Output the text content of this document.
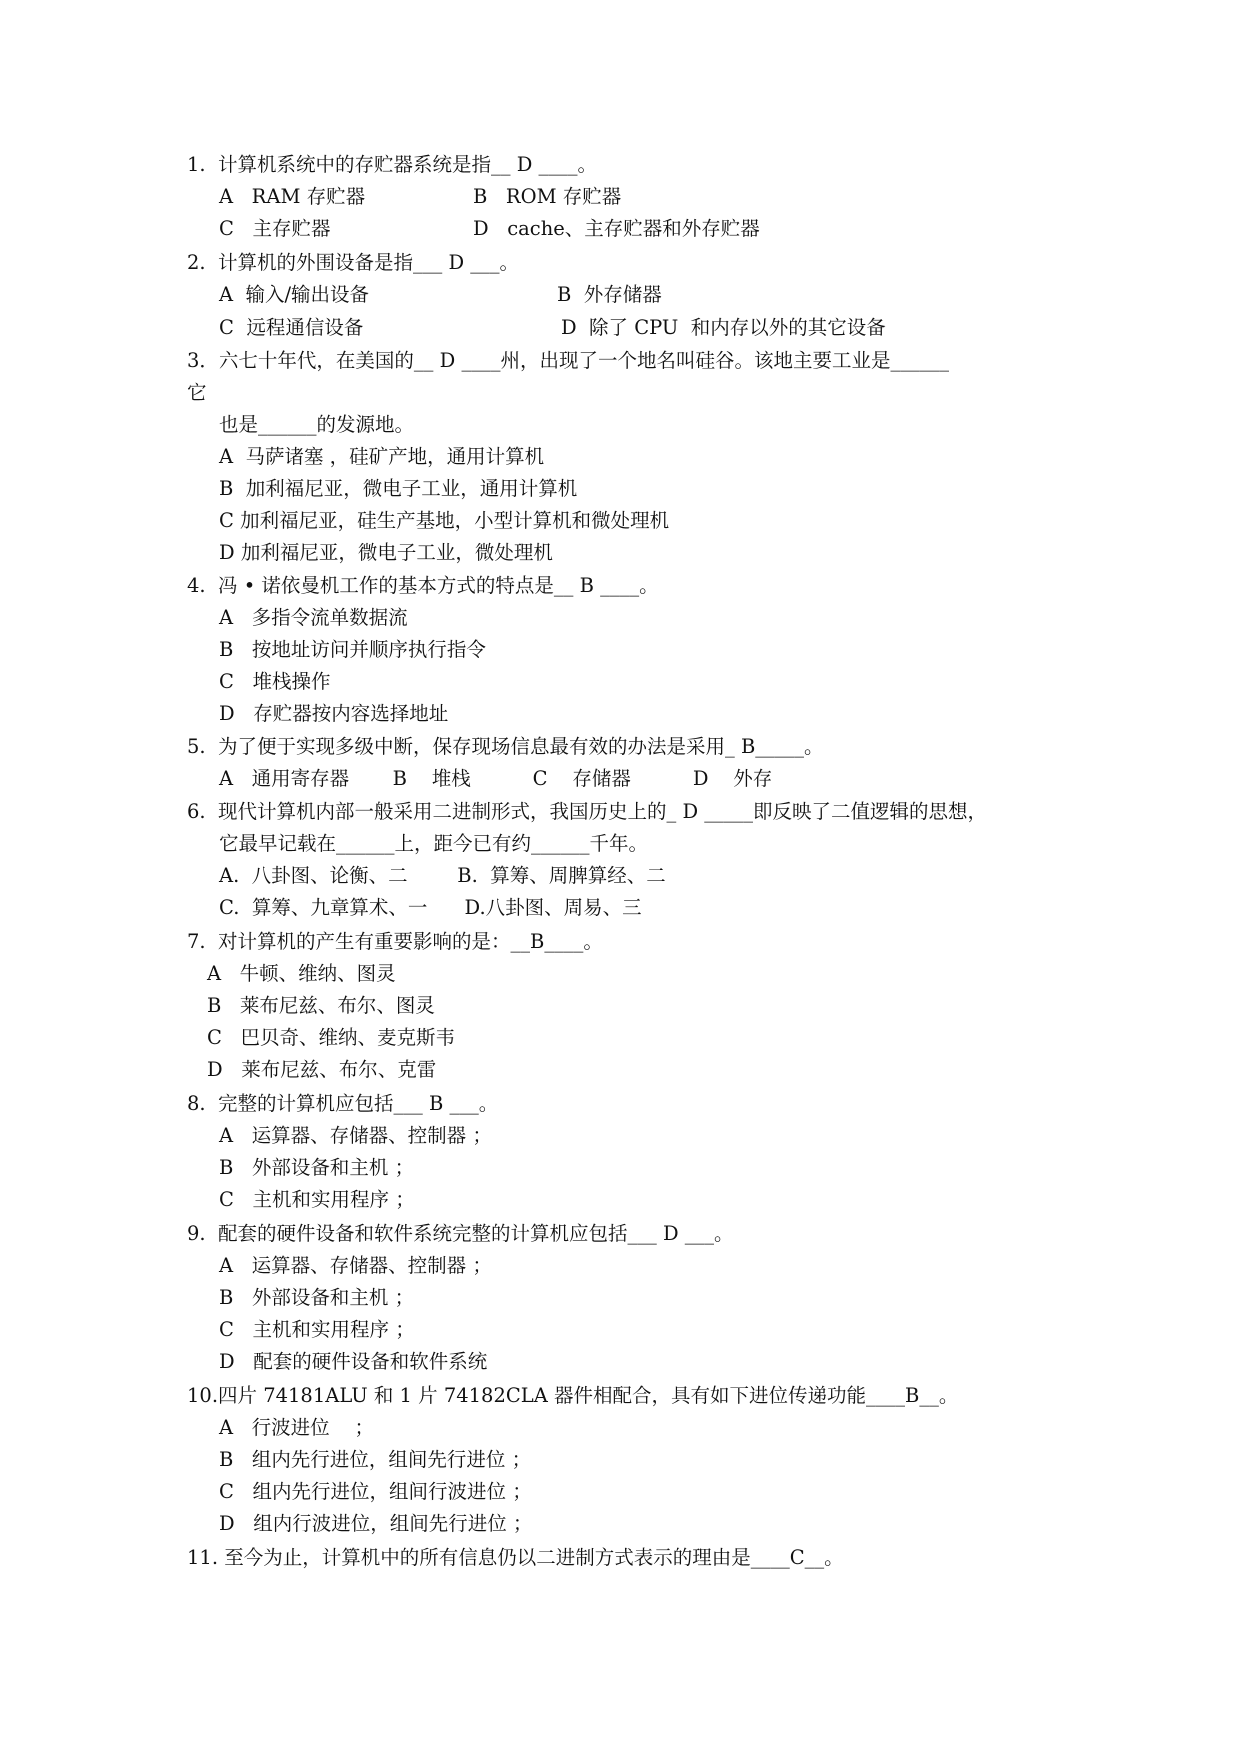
1.  计算机系统中的存贮器系统是指__ D ____。
A   RAM 存贮器	B   ROM 存贮器
C   主存贮器	D   cache、主存贮器和外存贮器
2.  计算机的外围设备是指___ D ___。
A  输入/输出设备	B  外存储器
C  远程通信设备	D  除了 CPU  和内存以外的其它设备
3．六七十年代，在美国的__ D ____州，出现了一个地名叫硅谷。该地主要工业是______
它
也是______的发源地。
A  马萨诸塞 ，硅矿产地，通用计算机
B  加利福尼亚，微电子工业，通用计算机
C 加利福尼亚，硅生产基地，小型计算机和微处理机
D 加利福尼亚，微电子工业，微处理机
4.  冯 • 诺依曼机工作的基本方式的特点是__ B ____。
A   多指令流单数据流
B   按地址访问并顺序执行指令
C   堆栈操作
D   存贮器按内容选择地址
5.  为了便于实现多级中断，保存现场信息最有效的办法是采用_ B_____。
A   通用寄存器       B    堆栈          C    存储器          D    外存
6.  现代计算机内部一般采用二进制形式，我国历史上的_ D _____即反映了二值逻辑的思想，
它最早记载在______上，距今已有约______千年。
A.  八卦图、论衡、二        B.  算筹、周脾算经、二
C.  算筹、九章算术、一      D.八卦图、周易、三
7.  对计算机的产生有重要影响的是：__B____。
A   牛顿、维纳、图灵
B   莱布尼兹、布尔、图灵
C   巴贝奇、维纳、麦克斯韦
D   莱布尼兹、布尔、克雷
8.  完整的计算机应包括___ B ___。
A   运算器、存储器、控制器 ；
B   外部设备和主机 ；
C   主机和实用程序 ；
9.  配套的硬件设备和软件系统完整的计算机应包括___ D ___。
A   运算器、存储器、控制器 ；
B   外部设备和主机 ；
C   主机和实用程序 ；
D   配套的硬件设备和软件系统
10.四片 74181ALU 和 1 片 74182CLA 器件相配合，具有如下进位传递功能____B__。
A   行波进位    ；
B   组内先行进位，组间先行进位 ；
C   组内先行进位，组间行波进位 ；
D   组内行波进位，组间先行进位 ；
11. 至今为止，计算机中的所有信息仍以二进制方式表示的理由是____C__。
